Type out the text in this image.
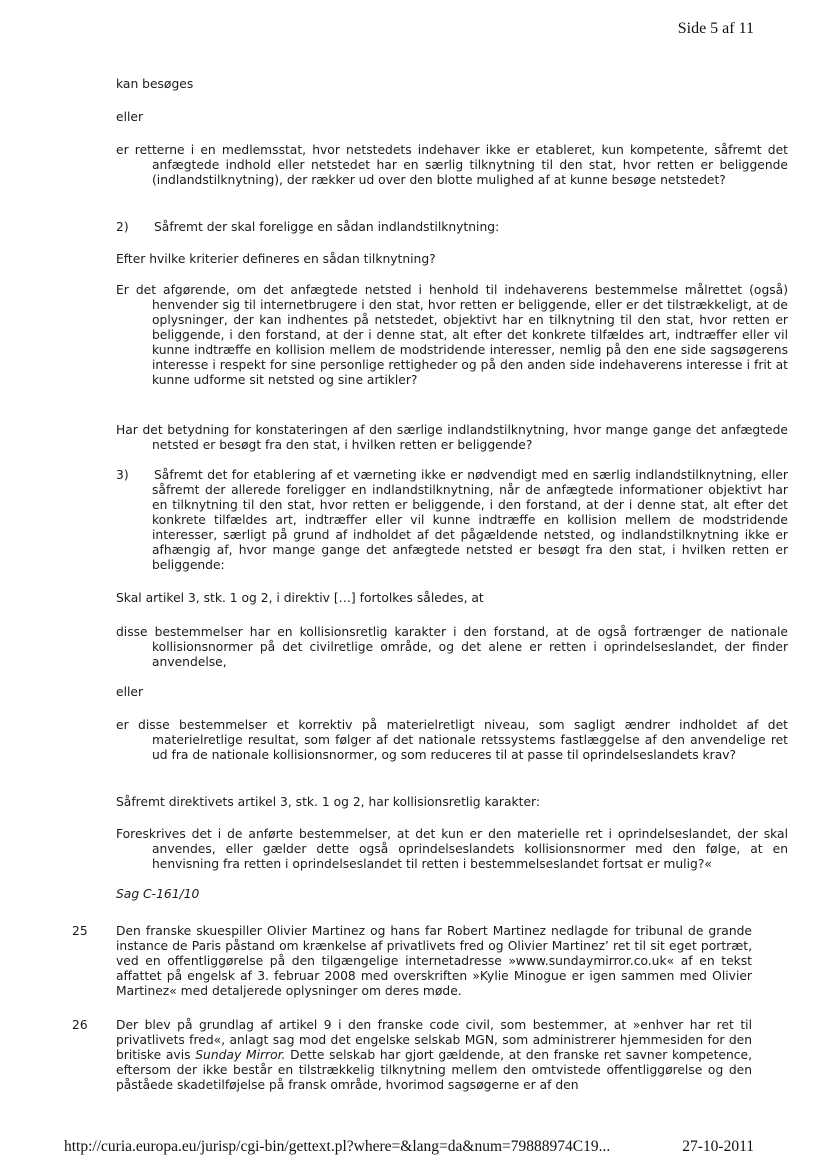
Side 5 af 11
kan besøges
eller
er retterne i en medlemsstat, hvor netstedets indehaver ikke er etableret, kun kompetente, såfremt det anfægtede indhold eller netstedet har en særlig tilknytning til den stat, hvor retten er beliggende (indlandstilknytning), der rækker ud over den blotte mulighed af at kunne besøge netstedet?
2) Såfremt der skal foreligge en sådan indlandstilknytning:
Efter hvilke kriterier defineres en sådan tilknytning?
Er det afgørende, om det anfægtede netsted i henhold til indehaverens bestemmelse målrettet (også) henvender sig til internetbrugere i den stat, hvor retten er beliggende, eller er det tilstrækkeligt, at de oplysninger, der kan indhentes på netstedet, objektivt har en tilknytning til den stat, hvor retten er beliggende, i den forstand, at der i denne stat, alt efter det konkrete tilfældes art, indtræffer eller vil kunne indtræffe en kollision mellem de modstridende interesser, nemlig på den ene side sagsøgerens interesse i respekt for sine personlige rettigheder og på den anden side indehaverens interesse i frit at kunne udforme sit netsted og sine artikler?
Har det betydning for konstateringen af den særlige indlandstilknytning, hvor mange gange det anfægtede netsted er besøgt fra den stat, i hvilken retten er beliggende?
3) Såfremt det for etablering af et værneting ikke er nødvendigt med en særlig indlandstilknytning, eller såfremt der allerede foreligger en indlandstilknytning, når de anfægtede informationer objektivt har en tilknytning til den stat, hvor retten er beliggende, i den forstand, at der i denne stat, alt efter det konkrete tilfældes art, indtræffer eller vil kunne indtræffe en kollision mellem de modstridende interesser, særligt på grund af indholdet af det pågældende netsted, og indlandstilknytning ikke er afhængig af, hvor mange gange det anfægtede netsted er besøgt fra den stat, i hvilken retten er beliggende:
Skal artikel 3, stk. 1 og 2, i direktiv […] fortolkes således, at
disse bestemmelser har en kollisionsretlig karakter i den forstand, at de også fortrænger de nationale kollisionsnormer på det civilretlige område, og det alene er retten i oprindelseslandet, der finder anvendelse,
eller
er disse bestemmelser et korrektiv på materielretligt niveau, som sagligt ændrer indholdet af det materielretlige resultat, som følger af det nationale retssystems fastlæggelse af den anvendelige ret ud fra de nationale kollisionsnormer, og som reduceres til at passe til oprindelseslandets krav?
Såfremt direktivets artikel 3, stk. 1 og 2, har kollisionsretlig karakter:
Foreskrives det i de anførte bestemmelser, at det kun er den materielle ret i oprindelseslandet, der skal anvendes, eller gælder dette også oprindelseslandets kollisionsnormer med den følge, at en henvisning fra retten i oprindelseslandet til retten i bestemmelseslandet fortsat er mulig?«
Sag C-161/10
25 Den franske skuespiller Olivier Martinez og hans far Robert Martinez nedlagde for tribunal de grande instance de Paris påstand om krænkelse af privatlivets fred og Olivier Martinez’ ret til sit eget portræt, ved en offentliggørelse på den tilgængelige internetadresse »www.sundaymirror.co.uk« af en tekst affattet på engelsk af 3. februar 2008 med overskriften »Kylie Minogue er igen sammen med Olivier Martinez« med detaljerede oplysninger om deres møde.
26 Der blev på grundlag af artikel 9 i den franske code civil, som bestemmer, at »enhver har ret til privatlivets fred«, anlagt sag mod det engelske selskab MGN, som administrerer hjemmesiden for den britiske avis Sunday Mirror. Dette selskab har gjort gældende, at den franske ret savner kompetence, eftersom der ikke består en tilstrækkelig tilknytning mellem den omtvistede offentliggørelse og den påståede skadetilføjelse på fransk område, hvorimod sagsøgerne er af den
http://curia.europa.eu/jurisp/cgi-bin/gettext.pl?where=&lang=da&num=79888974C19...	27-10-2011
